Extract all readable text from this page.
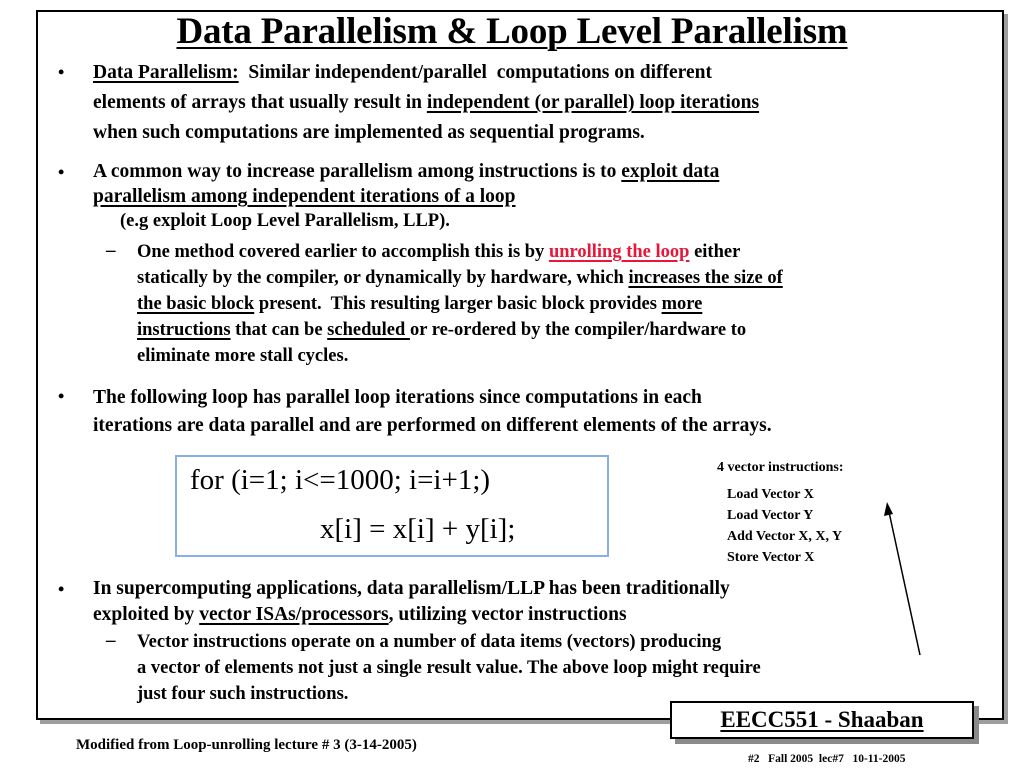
Data Parallelism & Loop Level Parallelism
• Data Parallelism:  Similar independent/parallel  computations on different
elements of arrays that usually result in independent (or parallel) loop iterations
when such computations are implemented as sequential programs.
• A common way to increase parallelism among instructions is to exploit data
parallelism among independent iterations of a loop
(e.g exploit Loop Level Parallelism, LLP).
– One method covered earlier to accomplish this is by unrolling the loop either
statically by the compiler, or dynamically by hardware, which increases the size of
the basic block present.  This resulting larger basic block provides more
instructions that can be scheduled or re-ordered by the compiler/hardware to
eliminate more stall cycles.
• The following loop has parallel loop iterations since computations in each
iterations are data parallel and are performed on different elements of the arrays.
for (i=1; i<=1000; i=i+1;)
x[i] = x[i] + y[i];
4 vector instructions:
Load Vector X
Load Vector Y
Add Vector X, X, Y
Store Vector X
• In supercomputing applications, data parallelism/LLP has been traditionally
exploited by vector ISAs/processors, utilizing vector instructions
– Vector instructions operate on a number of data items (vectors) producing
a vector of elements not just a single result value. The above loop might require
just four such instructions.
EECC551 - Shaaban
Modified from Loop-unrolling lecture # 3 (3-14-2005)
#2   Fall 2005  lec#7   10-11-2005
